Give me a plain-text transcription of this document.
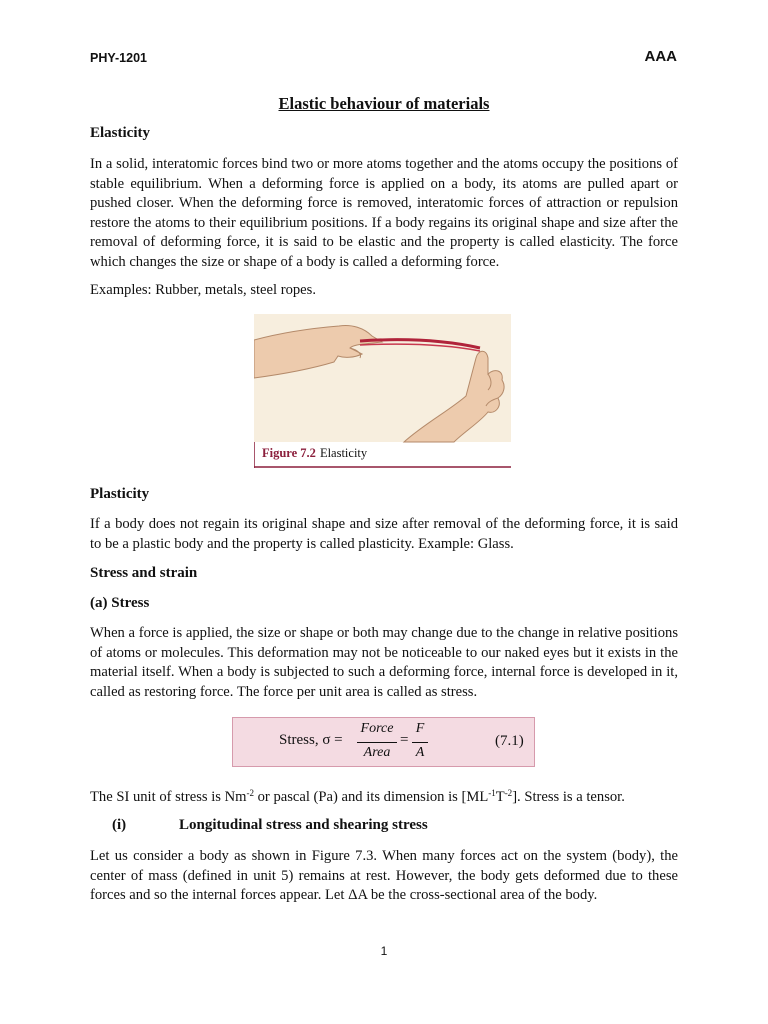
PHY-1201	AAA
Elastic behaviour of materials
Elasticity
In a solid, interatomic forces bind two or more atoms together and the atoms occupy the positions of stable equilibrium. When a deforming force is applied on a body, its atoms are pulled apart or pushed closer. When the deforming force is removed, interatomic forces of attraction or repulsion restore the atoms to their equilibrium positions. If a body regains its original shape and size after the removal of deforming force, it is said to be elastic and the property is called elasticity. The force which changes the size or shape of a body is called a deforming force.
Examples: Rubber, metals, steel ropes.
Figure 7.2 Elasticity
Plasticity
If a body does not regain its original shape and size after removal of the deforming force, it is said to be a plastic body and the property is called plasticity. Example: Glass.
Stress and strain
(a) Stress
When a force is applied, the size or shape or both may change due to the change in relative positions of atoms or molecules. This deformation may not be noticeable to our naked eyes but it exists in the material itself. When a body is subjected to such a deforming force, internal force is developed in it, called as restoring force. The force per unit area is called as stress.
Stress, σ =
Force
Area
=
F
A
(7.1)
The SI unit of stress is $Nm^{-2}$ or pascal (Pa) and its dimension is $[ML^{-1}T^{-2}]$. Stress is a tensor.
(i)	Longitudinal stress and shearing stress
Let us consider a body as shown in Figure 7.3. When many forces act on the system (body), the center of mass (defined in unit 5) remains at rest. However, the body gets deformed due to these forces and so the internal forces appear. Let ΔA be the cross-sectional area of the body.
1
